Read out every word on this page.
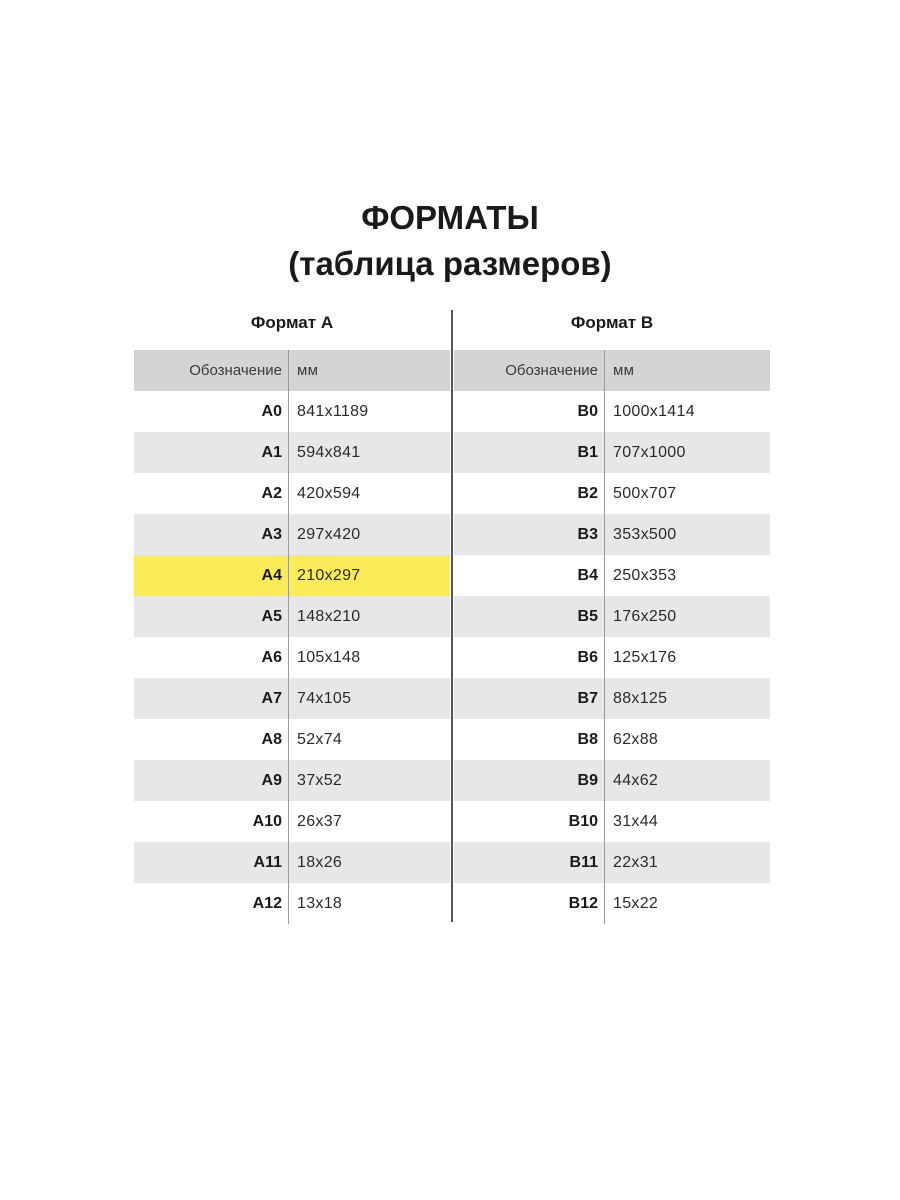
ФОРМАТЫ
(таблица размеров)
Формат А	Формат В
Обозначение	мм
А0 841x1189
А1 594x841
А2 420x594
А3 297x420
А4 210x297
А5 148x210
А6 105x148
А7 74x105
А8 52x74
А9 37x52
А10 26x37
А11 18x26
А12 13x18
Обозначение	мм
В0 1000x1414
В1 707x1000
В2 500x707
В3 353x500
В4 250x353
В5 176x250
В6 125x176
В7 88x125
В8 62x88
В9 44x62
В10 31x44
В11 22x31
В12 15x22
